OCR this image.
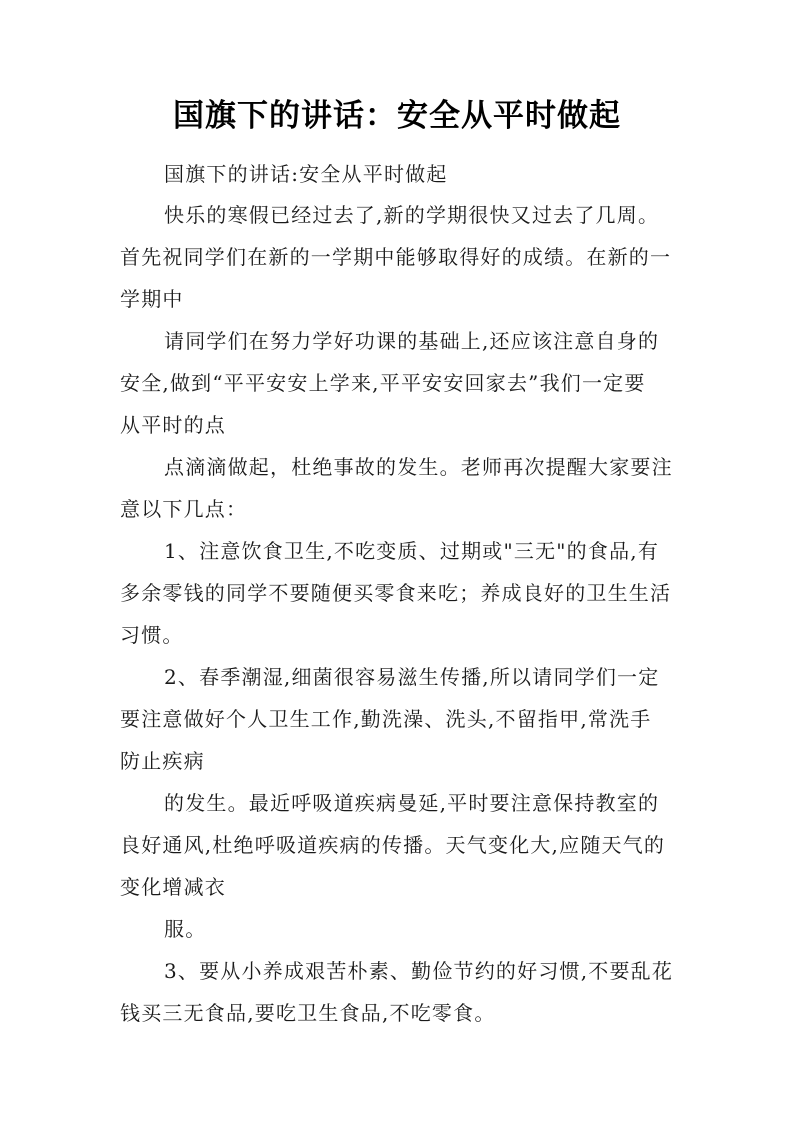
国旗下的讲话：安全从平时做起
国旗下的讲话:安全从平时做起
快乐的寒假已经过去了,新的学期很快又过去了几周。
首先祝同学们在新的一学期中能够取得好的成绩。在新的一
学期中
请同学们在努力学好功课的基础上,还应该注意自身的
安全,做到“平平安安上学来,平平安安回家去”我们一定要
从平时的点
点滴滴做起，杜绝事故的发生。老师再次提醒大家要注
意以下几点：
1、注意饮食卫生,不吃变质、过期或"三无"的食品,有
多余零钱的同学不要随便买零食来吃；养成良好的卫生生活
习惯。
2、春季潮湿,细菌很容易滋生传播,所以请同学们一定
要注意做好个人卫生工作,勤洗澡、洗头,不留指甲,常洗手
防止疾病
的发生。最近呼吸道疾病曼延,平时要注意保持教室的
良好通风,杜绝呼吸道疾病的传播。天气变化大,应随天气的
变化增减衣
服。
3、要从小养成艰苦朴素、勤俭节约的好习惯,不要乱花
钱买三无食品,要吃卫生食品,不吃零食。
